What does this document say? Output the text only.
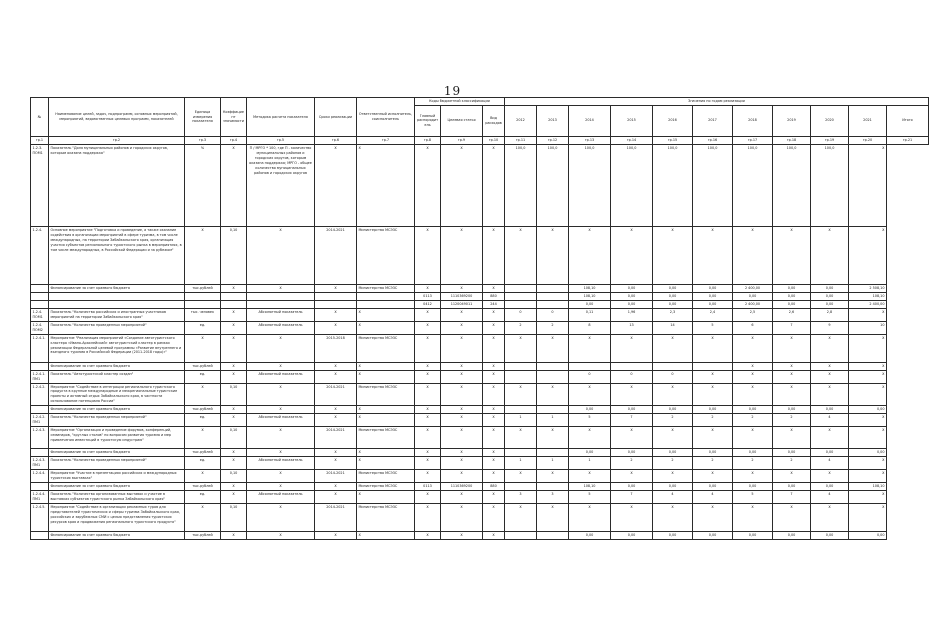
19
№	Наименование целей, задач, подпрограмм, основных мероприятий, мероприятий, ведомственных целевых программ, показателей	Единица измерения показателя	Коэффициент значимости	Методика расчета показателя	Сроки реализации	Ответственный исполнитель, соисполнитель	Коды бюджетной классификации			Значения по годам реализации										
							Главный распорядитель	Целевая статья	Вид расходов	2012	2013	2014	2015	2016	2017	2018	2019	2020	2021	Итого
гр.1	гр.2	гр.3	гр.4	гр.5	гр.6	гр.7	гр.8	гр.9	гр.10	гр.11	гр.12	гр.13	гр.14	гр.15	гр.16	гр.17	гр.18	гр.19	гр.20	гр.21
1.2.3. ПОМ1	Показатель "Доля муниципальных районов и городских округов, которым оказана поддержка"	%	Х	П / МРГО * 100, где П - количество муниципальных районов и городских округов, которым оказана поддержка; МРГО - общее количество муниципальных районов и городских округов	Х	Х	Х	Х	Х	100,0	100,0	100,0	100,0	100,0	100,0	100,0	100,0	100,0	Х	
1.2.4.	Основное мероприятие "Подготовка и проведение, а также оказание содействия в организации мероприятий в сфере туризма, в том числе международных, на территории Забайкальского края, организация участия субъектов регионального туристского рынка в мероприятиях, в том числе международных, в Российской Федерации и за рубежом"	Х	0,10	Х	2014-2021	Министерство МСЭ3С	Х	Х	Х	Х	Х	Х	Х	Х	Х	Х	Х	Х	Х	
	Финансирование за счет краевого бюджета	тыс.рублей	Х	Х	Х	Министерство МСЭ3С	Х	Х	Х			108,10	0,00	0,00	0,00	2 400,00	0,00	0,00	2 508,10	
							0113	1110369200	880			108,10	0,00	0,00	0,00	0,00	0,00	0,00	108,10	
							0412	1120049011	244			0,00	0,00	0,00	0,00	2 400,00	0,00	0,00	2 400,00	
1.2.4. ПОМ1	Показатель "Количество российских и иностранных участников мероприятий на территории Забайкальского края"	тыс. человек	Х	Абсолютный показатель	Х	Х	Х	Х	Х	0	0	0,11	1,96	2,3	2,4	2,5	2,6	2,8	Х	
1.2.4. ПОМ2	Показатель "Количество проведенных мероприятий"	ед.	Х	Абсолютный показатель	Х	Х	Х	Х	Х	2	2	8	13	14	5	6	7	9	10	
1.2.4.1.	Мероприятие "Реализация мероприятий «Создание автотуристского кластера «Ивано-Арахлейский» автотуристский кластер в рамках реализации Федеральной целевой программы «Развитие внутреннего и въездного туризма в Российской Федерации (2011-2018 годы)»"	Х	Х	Х	2015-2018	Министерство МСЭ3С	Х	Х	Х	Х	Х	Х	Х	Х	Х	Х	Х	Х	Х	
	Финансирование за счет краевого бюджета	тыс.рублей	Х	Х	Х	Х	Х	Х	Х							Х	Х	Х	Х	
1.2.4.1. ПМ1	Показатель "Автотуристский кластер создан"	ед.	Х	Абсолютный показатель	Х	Х	Х	Х	Х			0	0	0	Х	Х	Х	Х	Х	
1.2.4.2.	Мероприятие "Содействие в интеграции регионального туристского продукта в крупные международные и межрегиональные туристские проекты и активный отдых Забайкальского края, в частности использование потенциала России"	Х	0,10	Х	2014-2021	Министерство МСЭ3С	Х	Х	Х	Х	Х	Х	Х	Х	Х	Х	Х	Х	Х	
	Финансирование за счет краевого бюджета	тыс.рублей	Х	Х	Х	Х	Х	Х	Х			0,00	0,00	0,00	0,00	0,00	0,00	0,00	0,00	
1.2.4.2. ПМ1	Показатель "Количество проведенных мероприятий"	ед.	Х	Абсолютный показатель	Х	Х	Х	Х	Х	1	1	5	7	2	2	2	2	4	Х	
1.2.4.3.	Мероприятие "Организация и проведение форумов, конференций, семинаров, "круглых столов" по вопросам развития туризма и мер привлечения инвестиций в туристскую индустрию"	Х	0,10	Х	2014-2021	Министерство МСЭ3С	Х	Х	Х	Х	Х	Х	Х	Х	Х	Х	Х	Х	Х	
	Финансирование за счет краевого бюджета	тыс.рублей	Х	Х	Х	Х	Х	Х	Х			0,00	0,00	0,00	0,00	0,00	0,00	0,00	0,00	
1.2.4.3. ПМ1	Показатель "Количество проведенных мероприятий"	ед.	Х	Абсолютный показатель	Х	Х	Х	Х	Х	1	1	1	2	2	2	2	2	4	Х	
1.2.4.4.	Мероприятие "Участие в презентациях российских и международных туристских выставках"	Х	0,10	Х	2014-2021	Министерство МСЭ3С	Х	Х	Х	Х	Х	Х	Х	Х	Х	Х	Х	Х	Х	
	Финансирование за счет краевого бюджета	тыс.рублей	Х	Х	Х	Министерство МСЭ3С	0113	1110369200	880			108,10	0,00	0,00	0,00	0,00	0,00	0,00	108,10	
1.2.4.4. ПМ1	Показатель "Количество организованных выставок и участие в выставках субъектов туристского рынка Забайкальского края"	ед.	Х	Абсолютный показатель	Х	Х	Х	Х	Х	3	3	5	7	4	4	5	7	4	Х	
1.2.4.5.	Мероприятие "Содействие в организации рекламных туров для представителей туристических и сферы туризма Забайкальского края, российских и зарубежных СМИ с целью представления туристских ресурсов края и продвижения регионального туристского продукта"	Х	0,10	Х	2014-2021	Министерство МСЭ3С	Х	Х	Х	Х	Х	Х	Х	Х	Х	Х	Х	Х	Х	
	Финансирование за счет краевого бюджета	тыс.рублей	Х	Х	Х	Х	Х	Х	Х			0,00	0,00	0,00	0,00	0,00	0,00	0,00	0,00	
